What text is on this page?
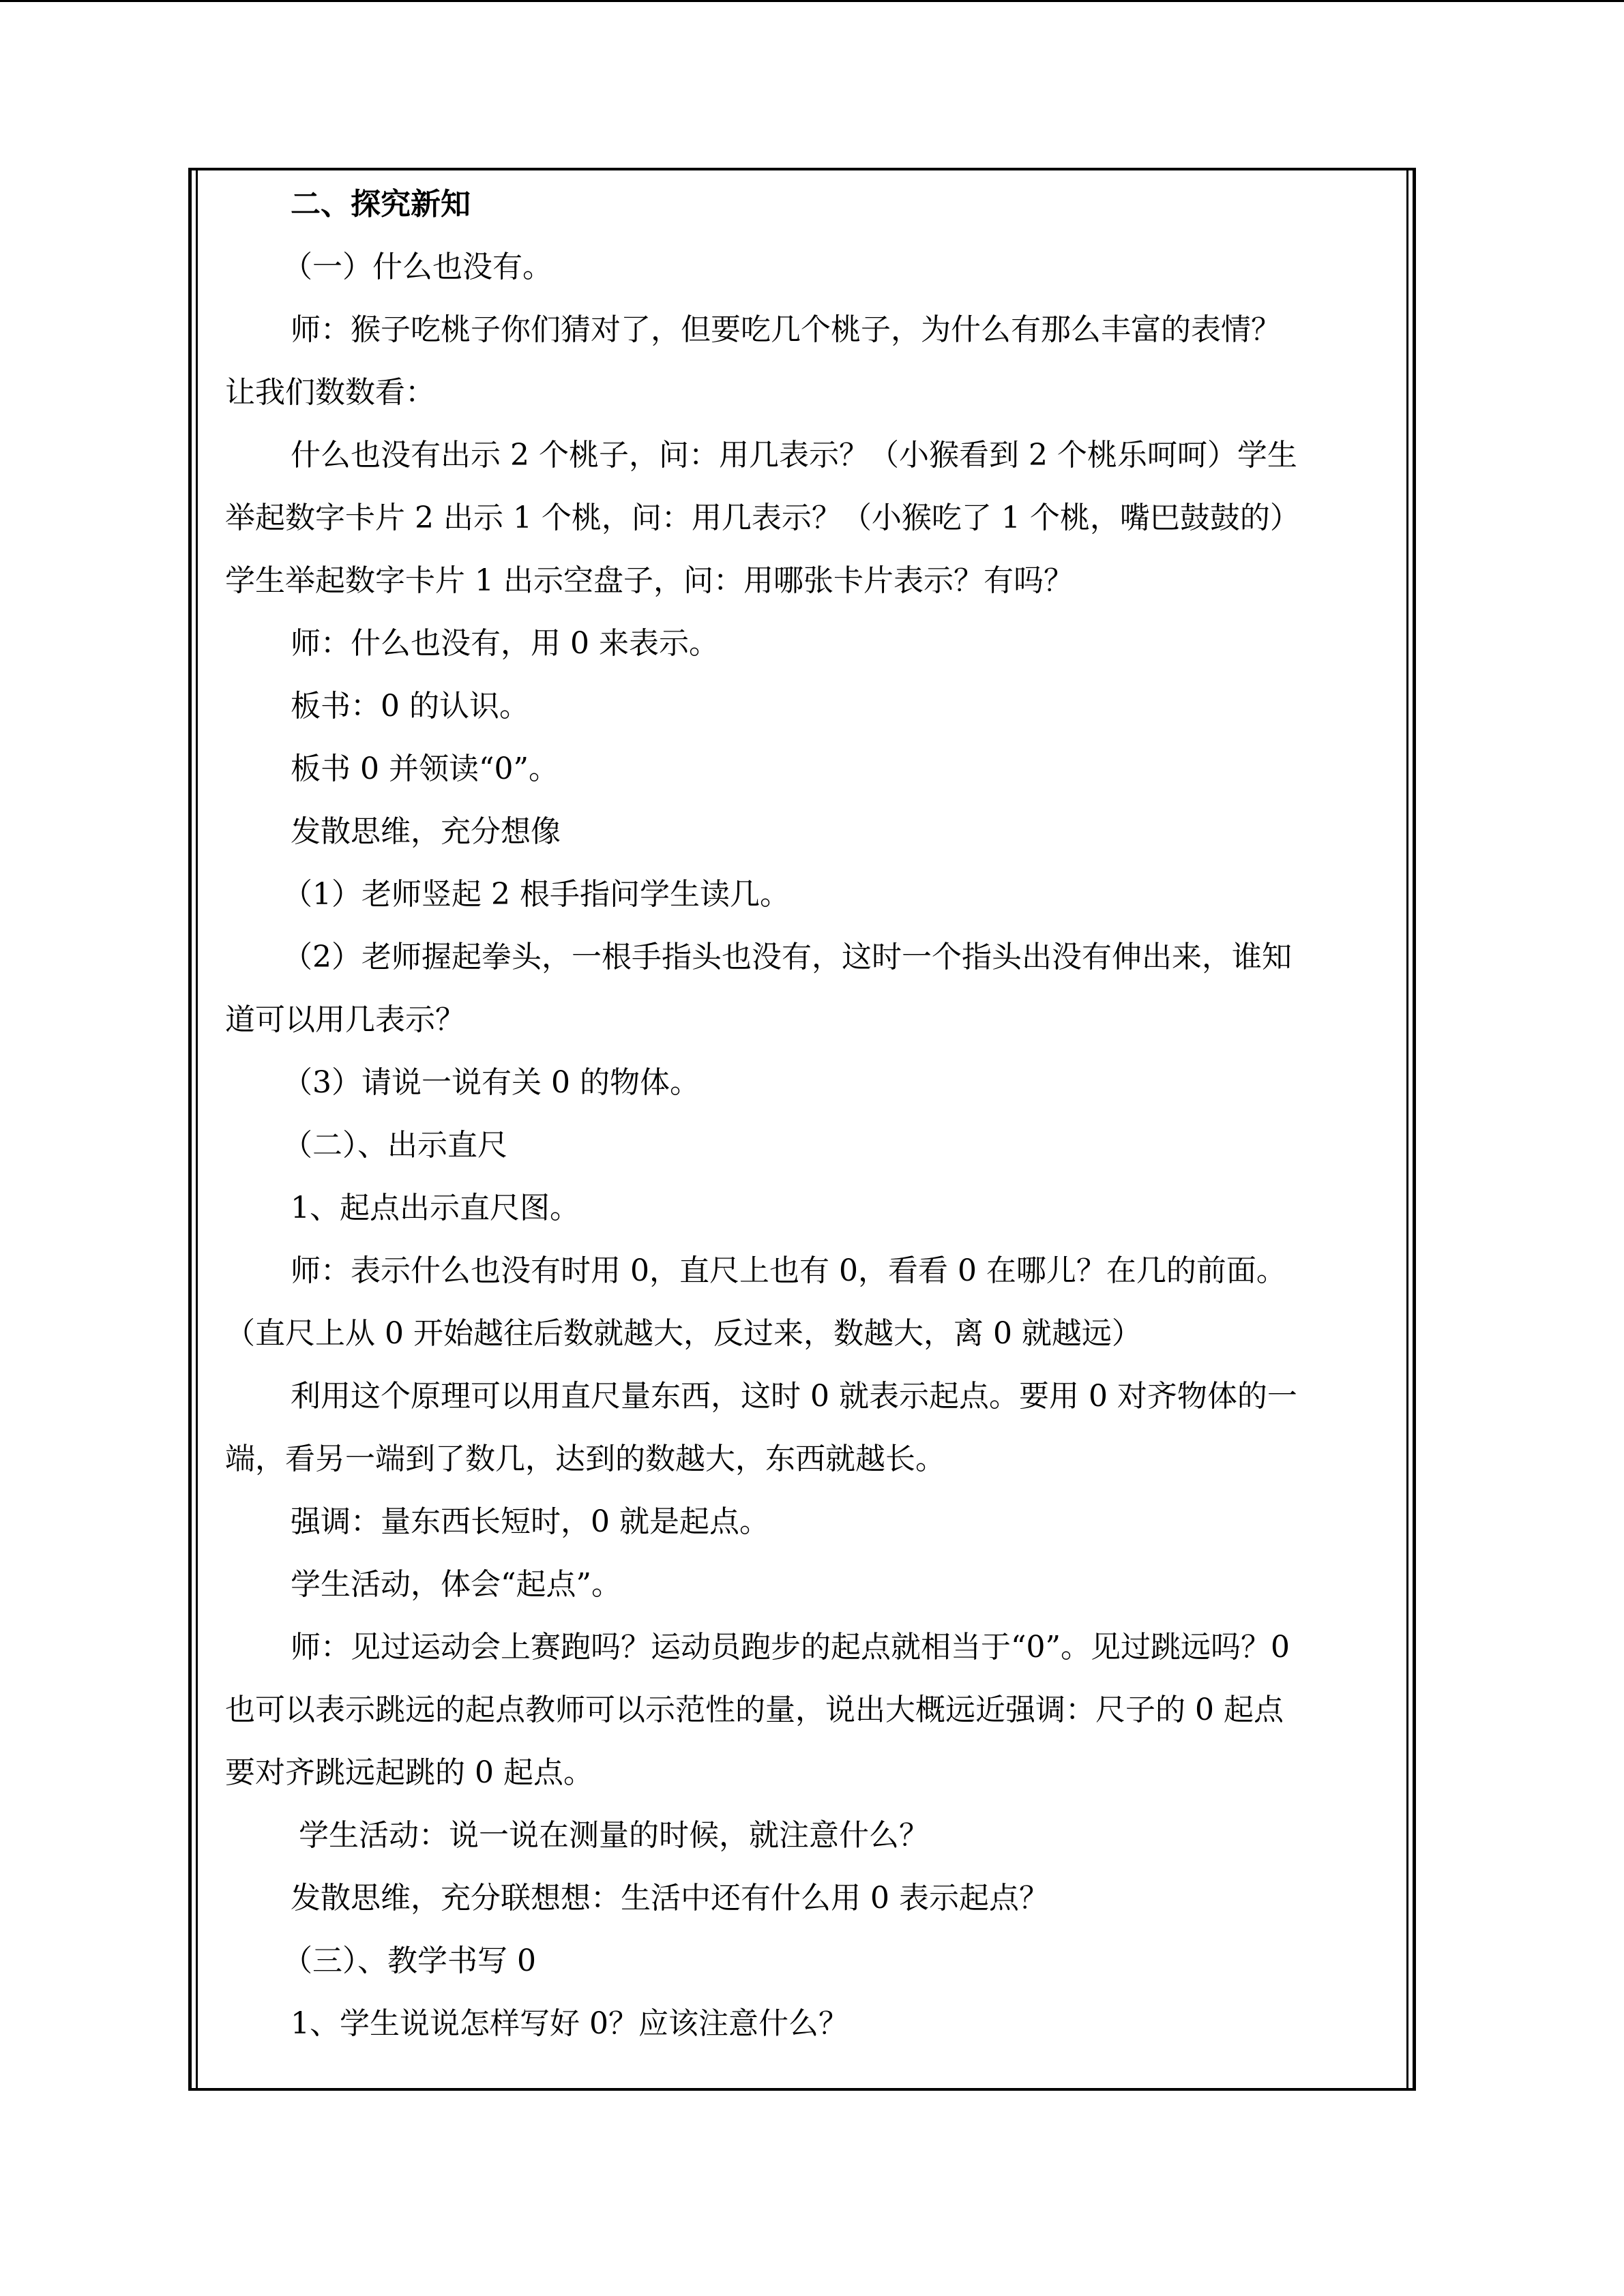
二、探究新知
（一）什么也没有。
师：猴子吃桃子你们猜对了，但要吃几个桃子，为什么有那么丰富的表情？
让我们数数看：
什么也没有出示 2 个桃子，问：用几表示？（小猴看到 2 个桃乐呵呵）学生
举起数字卡片 2 出示 1 个桃，问：用几表示？（小猴吃了 1 个桃，嘴巴鼓鼓的）
学生举起数字卡片 1 出示空盘子，问：用哪张卡片表示？有吗？
师：什么也没有，用 0 来表示。
板书：0 的认识。
板书 0 并领读“0”。
发散思维，充分想像
（1）老师竖起 2 根手指问学生读几。
（2）老师握起拳头，一根手指头也没有，这时一个指头出没有伸出来，谁知
道可以用几表示？
（3）请说一说有关 0 的物体。
（二）、出示直尺
1、起点出示直尺图。
师：表示什么也没有时用 0，直尺上也有 0，看看 0 在哪儿？在几的前面。
（直尺上从 0 开始越往后数就越大，反过来，数越大，离 0 就越远）
利用这个原理可以用直尺量东西，这时 0 就表示起点。要用 0 对齐物体的一
端，看另一端到了数几，达到的数越大，东西就越长。
强调：量东西长短时，0 就是起点。
学生活动，体会“起点”。
师：见过运动会上赛跑吗？运动员跑步的起点就相当于“0”。见过跳远吗？0
也可以表示跳远的起点教师可以示范性的量，说出大概远近强调：尺子的 0 起点
要对齐跳远起跳的 0 起点。
学生活动：说一说在测量的时候，就注意什么？
发散思维，充分联想想：生活中还有什么用 0 表示起点？
（三）、教学书写 0
1、学生说说怎样写好 0？应该注意什么？
